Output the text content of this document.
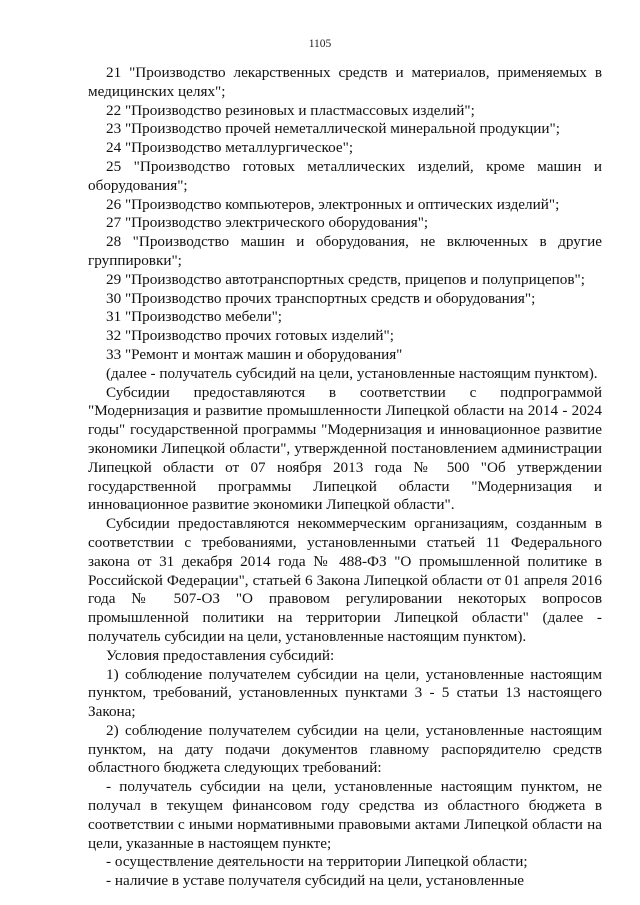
1105

21 "Производство лекарственных средств и материалов, применяемых в медицинских целях";

22 "Производство резиновых и пластмассовых изделий";

23 "Производство прочей неметаллической минеральной продукции";

24 "Производство металлургическое";

25 "Производство готовых металлических изделий, кроме машин и оборудования";

26 "Производство компьютеров, электронных и оптических изделий";

27 "Производство электрического оборудования";

28 "Производство машин и оборудования, не включенных в другие группировки";

29 "Производство автотранспортных средств, прицепов и полуприцепов";

30 "Производство прочих транспортных средств и оборудования";

31 "Производство мебели";

32 "Производство прочих готовых изделий";

33 "Ремонт и монтаж машин и оборудования"

(далее - получатель субсидий на цели, установленные настоящим пунктом).

Субсидии предоставляются в соответствии с подпрограммой "Модернизация и развитие промышленности Липецкой области на 2014 - 2024 годы" государственной программы "Модернизация и инновационное развитие экономики Липецкой области", утвержденной постановлением администрации Липецкой области от 07 ноября 2013 года № 500 "Об утверждении государственной программы Липецкой области "Модернизация и инновационное развитие экономики Липецкой области".

Субсидии предоставляются некоммерческим организациям, созданным в соответствии с требованиями, установленными статьей 11 Федерального закона от 31 декабря 2014 года № 488-ФЗ "О промышленной политике в Российской Федерации", статьей 6 Закона Липецкой области от 01 апреля 2016 года № 507-ОЗ "О правовом регулировании некоторых вопросов промышленной политики на территории Липецкой области" (далее - получатель субсидии на цели, установленные настоящим пунктом).

Условия предоставления субсидий:

1) соблюдение получателем субсидии на цели, установленные настоящим пунктом, требований, установленных пунктами 3 - 5 статьи 13 настоящего Закона;

2) соблюдение получателем субсидии на цели, установленные настоящим пунктом, на дату подачи документов главному распорядителю средств областного бюджета следующих требований:

- получатель субсидии на цели, установленные настоящим пунктом, не получал в текущем финансовом году средства из областного бюджета в соответствии с иными нормативными правовыми актами Липецкой области на цели, указанные в настоящем пункте;

- осуществление деятельности на территории Липецкой области;

- наличие в уставе получателя субсидий на цели, установленные
